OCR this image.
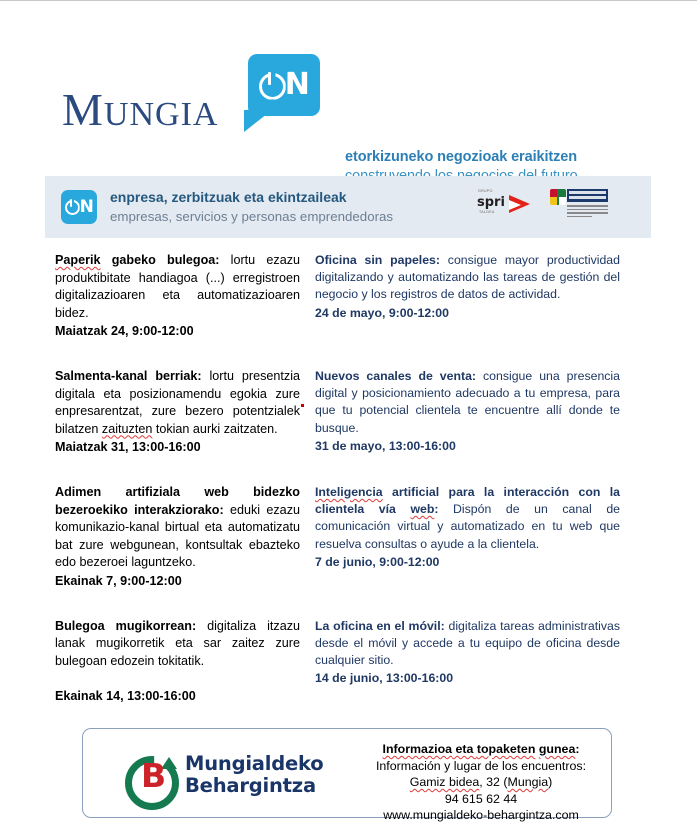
N
MUNGIA
etorkizuneko negozioak eraikitzen
N enpresa, zerbitzuak eta ekintzaileak
empresas, servicios y personas emprendedoras
GRUPO
spri
TALDEA

Paperik gabeko bulegoa: lortu ezazu produktibitate handiagoa (...) erregistroen digitalizazioaren eta automatizazioaren bidez.

Maiatzak 24, 9:00-12:00

Oficina sin papeles: consigue mayor productividad digitalizando y automatizando las tareas de gestión del negocio y los registros de datos de actividad.

24 de mayo, 9:00-12:00

Salmenta-kanal berriak: lortu presentzia digitala eta posizionamendu egokia zure enpresarentzat, zure bezero potentzialek bilatzen zaituzten tokian aurki zaitzaten.

Maiatzak 31, 13:00-16:00

Nuevos canales de venta: consigue una presencia digital y posicionamiento adecuado a tu empresa, para que tu potencial clientela te encuentre allí donde te busque.

31 de mayo, 13:00-16:00

Adimen artifiziala web bidezko bezeroekiko interakziorako: eduki ezazu komunikazio-kanal birtual eta automatizatu bat zure webgunean, kontsultak ebazteko edo bezeroei laguntzeko.

Ekainak 7, 9:00-12:00

Inteligencia artificial para la interacción con la clientela vía web: Dispón de un canal de comunicación virtual y automatizado en tu web que resuelva consultas o ayude a la clientela.

7 de junio, 9:00-12:00

Bulegoa mugikorrean: digitaliza itzazu lanak mugikorretik eta sar zaitez zure bulegoan edozein tokitatik.

Ekainak 14, 13:00-16:00

La oficina en el móvil: digitaliza tareas administrativas desde el móvil y accede a tu equipo de oficina desde cualquier sitio.

14 de junio, 13:00-16:00
B Mungialdeko
Behargintza
Informazioa eta topaketen gunea:
Información y lugar de los encuentros:
Gamiz bidea, 32 (Mungia)
94 615 62 44
www.mungialdeko-behargintza.com
